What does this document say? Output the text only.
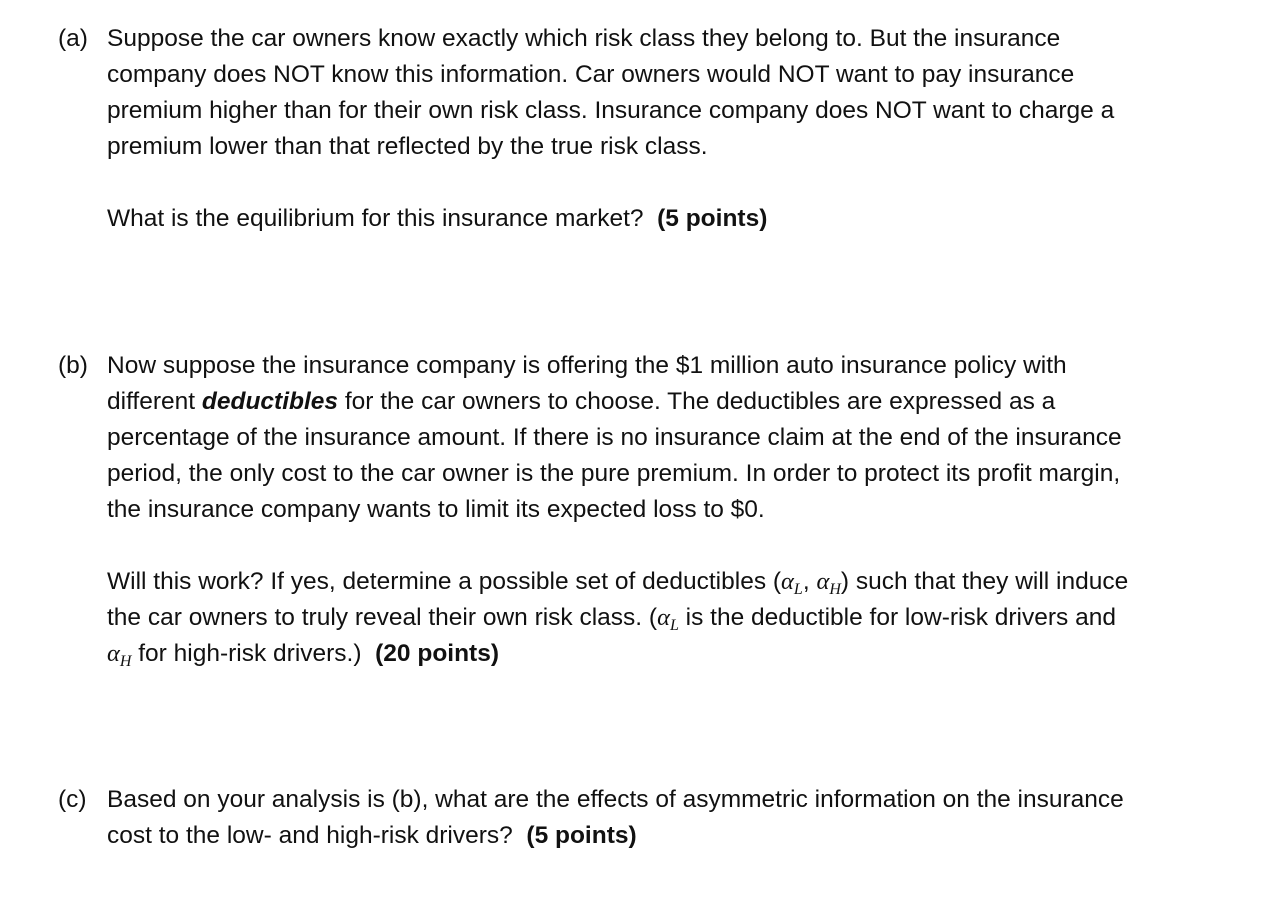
(a) Suppose the car owners know exactly which risk class they belong to. But the insurance
company does NOT know this information. Car owners would NOT want to pay insurance
premium higher than for their own risk class. Insurance company does NOT want to charge a
premium lower than that reflected by the true risk class.
What is the equilibrium for this insurance market? (5 points)
(b) Now suppose the insurance company is offering the $1 million auto insurance policy with
different deductibles for the car owners to choose. The deductibles are expressed as a
percentage of the insurance amount. If there is no insurance claim at the end of the insurance
period, the only cost to the car owner is the pure premium. In order to protect its profit margin,
the insurance company wants to limit its expected loss to $0.
Will this work? If yes, determine a possible set of deductibles ($\alpha_L$, $\alpha_H$) such that they will induce
the car owners to truly reveal their own risk class. ($\alpha_L$ is the deductible for low-risk drivers and
$\alpha_H$ for high-risk drivers.) (20 points)
(c) Based on your analysis is (b), what are the effects of asymmetric information on the insurance
cost to the low- and high-risk drivers? (5 points)
